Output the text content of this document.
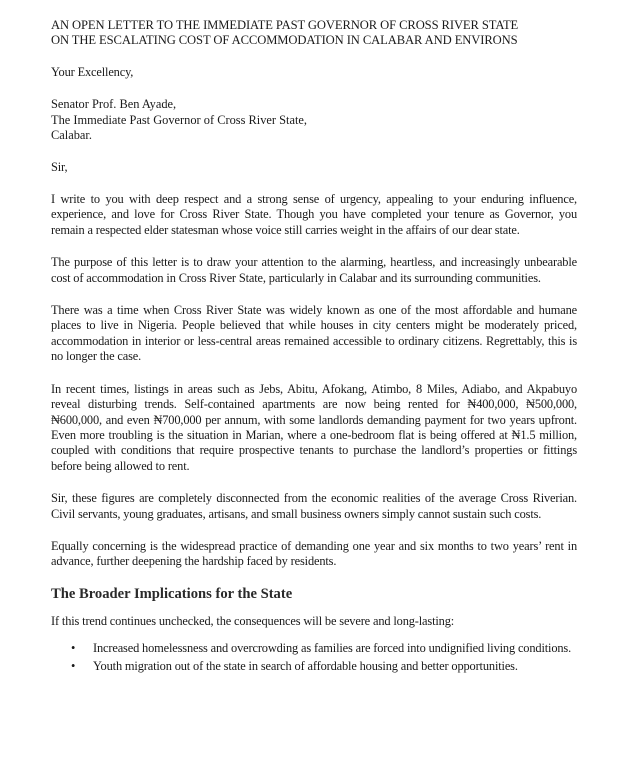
AN OPEN LETTER TO THE IMMEDIATE PAST GOVERNOR OF CROSS RIVER STATE
ON THE ESCALATING COST OF ACCOMMODATION IN CALABAR AND ENVIRONS

Your Excellency,

Senator Prof. Ben Ayade,
The Immediate Past Governor of Cross River State,
Calabar.

Sir,

I write to you with deep respect and a strong sense of urgency, appealing to your enduring influence, experience, and love for Cross River State. Though you have completed your tenure as Governor, you remain a respected elder statesman whose voice still carries weight in the affairs of our dear state.

The purpose of this letter is to draw your attention to the alarming, heartless, and increasingly unbearable cost of accommodation in Cross River State, particularly in Calabar and its surrounding communities.

There was a time when Cross River State was widely known as one of the most affordable and humane places to live in Nigeria. People believed that while houses in city centers might be moderately priced, accommodation in interior or less-central areas remained accessible to ordinary citizens. Regrettably, this is no longer the case.

In recent times, listings in areas such as Jebs, Abitu, Afokang, Atimbo, 8 Miles, Adiabo, and Akpabuyo reveal disturbing trends. Self-contained apartments are now being rented for ₦400,000, ₦500,000, ₦600,000, and even ₦700,000 per annum, with some landlords demanding payment for two years upfront. Even more troubling is the situation in Marian, where a one-bedroom flat is being offered at ₦1.5 million, coupled with conditions that require prospective tenants to purchase the landlord’s properties or fittings before being allowed to rent.

Sir, these figures are completely disconnected from the economic realities of the average Cross Riverian. Civil servants, young graduates, artisans, and small business owners simply cannot sustain such costs.

Equally concerning is the widespread practice of demanding one year and six months to two years’ rent in advance, further deepening the hardship faced by residents.

The Broader Implications for the State

If this trend continues unchecked, the consequences will be severe and long-lasting:

• Increased homelessness and overcrowding as families are forced into undignified living conditions.
• Youth migration out of the state in search of affordable housing and better opportunities.
